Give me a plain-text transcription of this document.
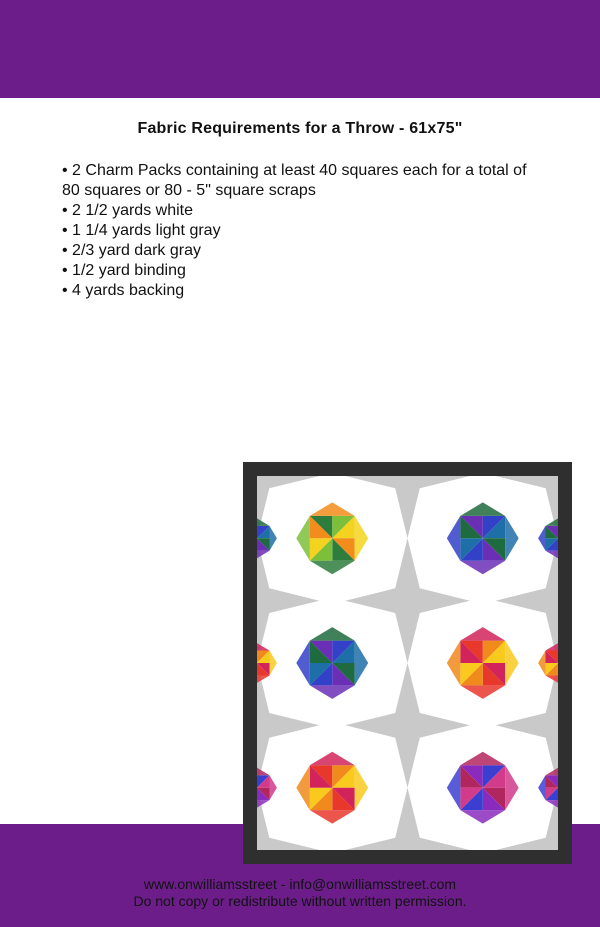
Fabric Requirements for a Throw - 61x75"
• 2 Charm Packs containing at least 40 squares each for a total of 80 squares or 80 - 5" square scraps
• 2 1/2 yards white
• 1 1/4 yards light gray
• 2/3 yard dark gray
• 1/2 yard binding
• 4 yards backing
www.onwilliamsstreet - info@onwilliamsstreet.com
Do not copy or redistribute without written permission.
